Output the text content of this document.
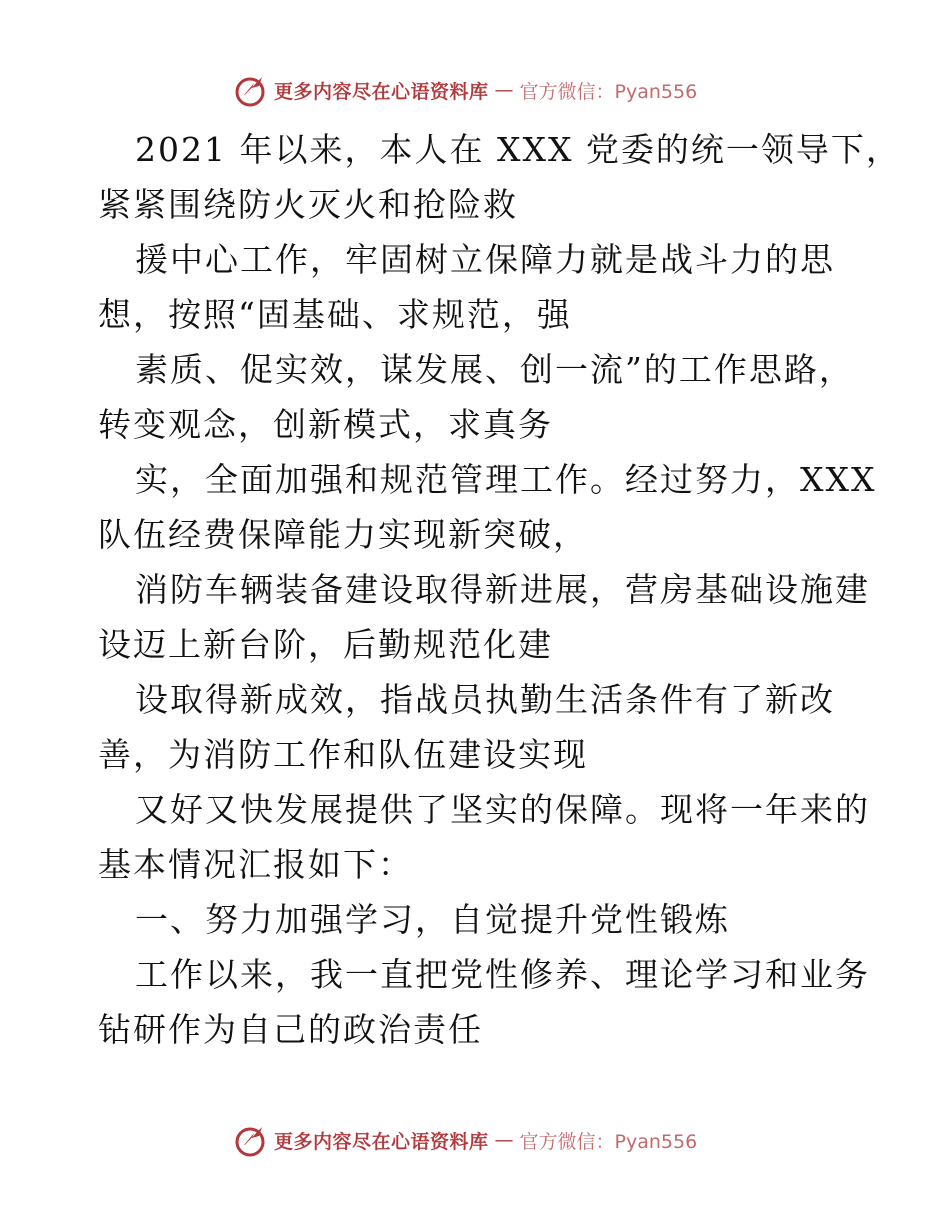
更多内容尽在心语资料库 — 官方微信：Pyan556
2021 年以来，本人在 XXX 党委的统一领导下，
紧紧围绕防火灭火和抢险救
援中心工作，牢固树立保障力就是战斗力的思
想，按照“固基础、求规范，强
素质、促实效，谋发展、创一流”的工作思路，
转变观念，创新模式，求真务
实，全面加强和规范管理工作。经过努力，XXX
队伍经费保障能力实现新突破，
消防车辆装备建设取得新进展，营房基础设施建
设迈上新台阶，后勤规范化建
设取得新成效，指战员执勤生活条件有了新改
善，为消防工作和队伍建设实现
又好又快发展提供了坚实的保障。现将一年来的
基本情况汇报如下：
一、努力加强学习，自觉提升党性锻炼
工作以来，我一直把党性修养、理论学习和业务
钻研作为自己的政治责任
更多内容尽在心语资料库 — 官方微信：Pyan556
